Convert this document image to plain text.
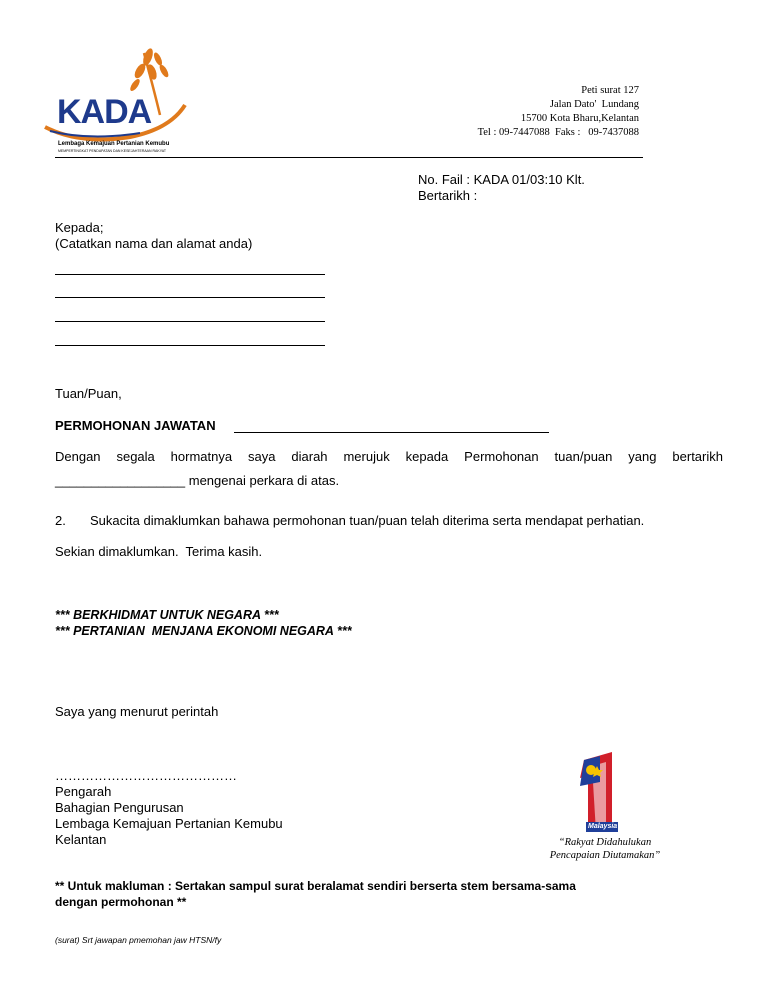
KADA
Lembaga Kemajuan Pertanian Kemubu
MEMPERTINGKAT PENDAPATAN DAN KESEJAHTERAAN RAKYAT
Peti surat 127
Jalan Dato'  Lundang
15700 Kota Bharu,Kelantan
Tel : 09-7447088  Faks :   09-7437088
No. Fail : KADA 01/03:10 Klt.
Bertarikh :
Kepada;
(Catatkan nama dan alamat anda)
Tuan/Puan,
PERMOHONAN JAWATAN
Dengan segala hormatnya saya diarah merujuk kepada Permohonan tuan/puan yang bertarikh
__________________ mengenai perkara di atas.
2. Sukacita dimaklumkan bahawa permohonan tuan/puan telah diterima serta mendapat perhatian.
Sekian dimaklumkan.  Terima kasih.
*** BERKHIDMAT UNTUK NEGARA ***
*** PERTANIAN  MENJANA EKONOMI NEGARA ***
Saya yang menurut perintah
……………………………………
Pengarah
Bahagian Pengurusan
Lembaga Kemajuan Pertanian Kemubu
Kelantan
Malaysia
“Rakyat Didahulukan
Pencapaian Diutamakan”
** Untuk makluman : Sertakan sampul surat beralamat sendiri berserta stem bersama-sama
dengan permohonan **
(surat) Srt jawapan pmemohan jaw HTSN/fy
